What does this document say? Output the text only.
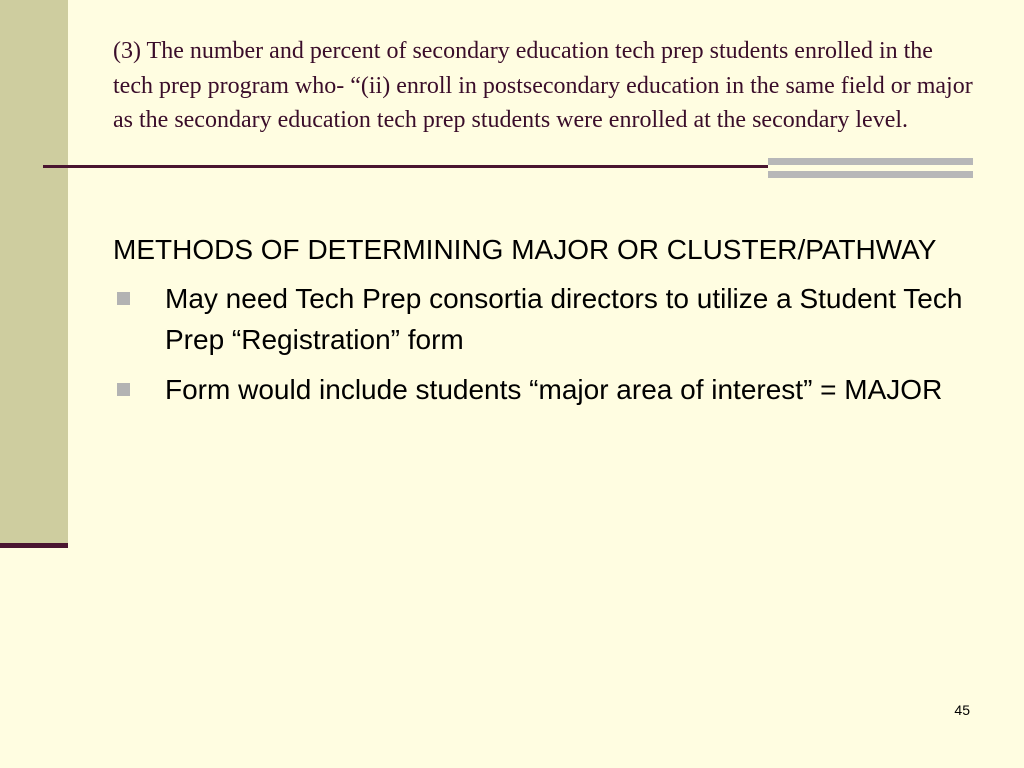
(3) The number and percent of secondary education tech prep students enrolled in the tech prep program who- “(ii) enroll in postsecondary education in the same field or major as the secondary education tech prep students were enrolled at the secondary level.

METHODS OF DETERMINING MAJOR OR CLUSTER/PATHWAY

May need Tech Prep consortia directors to utilize a Student Tech Prep “Registration” form
Form would include students “major area of interest” = MAJOR
45
